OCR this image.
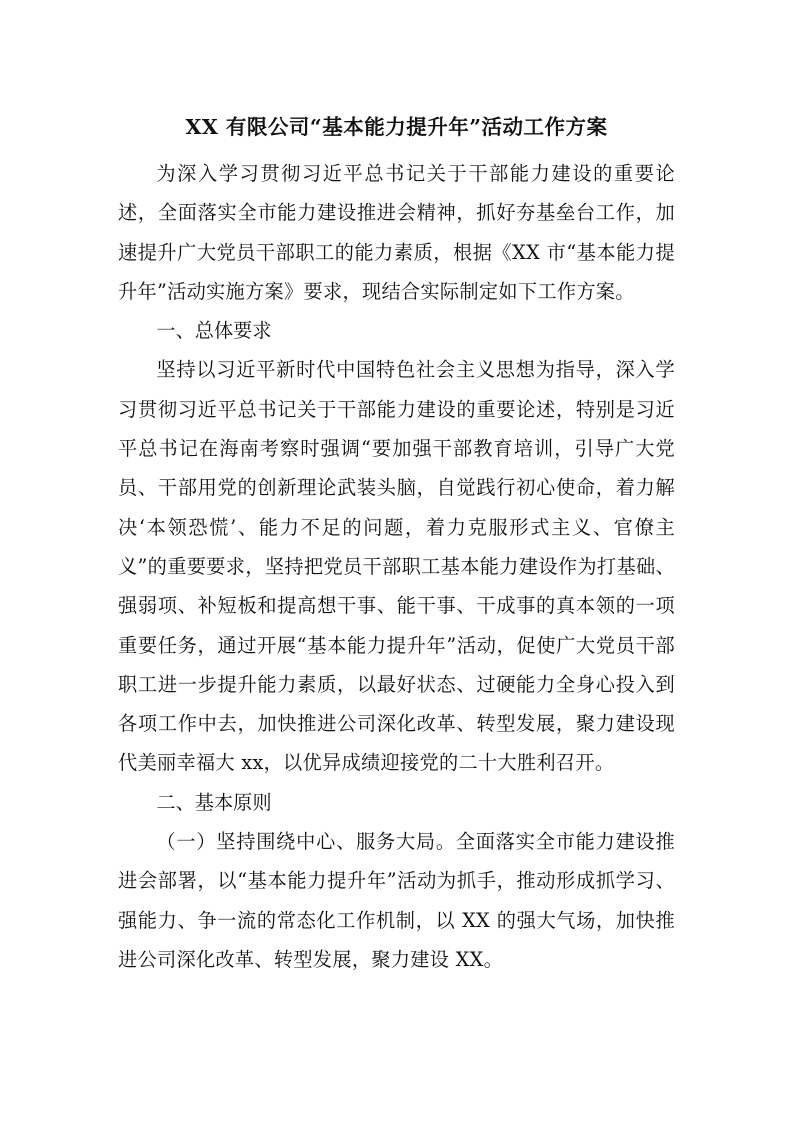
XX 有限公司“基本能力提升年”活动工作方案

为深入学习贯彻习近平总书记关于干部能力建设的重要论述，全面落实全市能力建设推进会精神，抓好夯基垒台工作，加速提升广大党员干部职工的能力素质，根据《XX 市“基本能力提升年”活动实施方案》要求，现结合实际制定如下工作方案。

一、总体要求

坚持以习近平新时代中国特色社会主义思想为指导，深入学习贯彻习近平总书记关于干部能力建设的重要论述，特别是习近平总书记在海南考察时强调“要加强干部教育培训，引导广大党员、干部用党的创新理论武装头脑，自觉践行初心使命，着力解决‘本领恐慌’、能力不足的问题，着力克服形式主义、官僚主义”的重要要求，坚持把党员干部职工基本能力建设作为打基础、强弱项、补短板和提高想干事、能干事、干成事的真本领的一项重要任务，通过开展“基本能力提升年”活动，促使广大党员干部职工进一步提升能力素质，以最好状态、过硬能力全身心投入到各项工作中去，加快推进公司深化改革、转型发展，聚力建设现代美丽幸福大 xx，以优异成绩迎接党的二十大胜利召开。

二、基本原则

（一）坚持围绕中心、服务大局。全面落实全市能力建设推进会部署，以“基本能力提升年”活动为抓手，推动形成抓学习、强能力、争一流的常态化工作机制，以 XX 的强大气场，加快推进公司深化改革、转型发展，聚力建设 XX。
